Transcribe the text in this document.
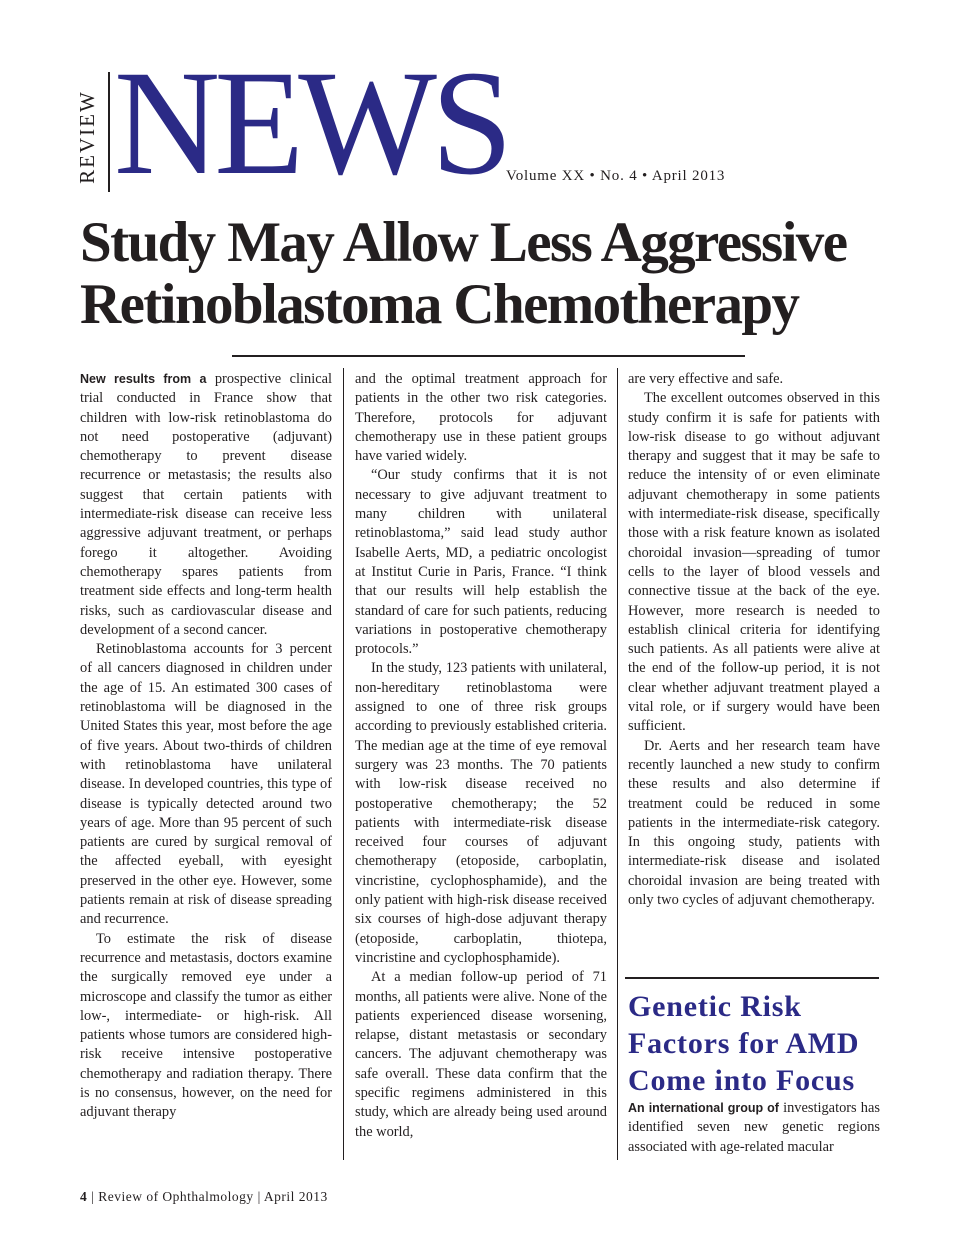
REVIEW NEWS Volume XX • No. 4 • April 2013
Study May Allow Less Aggressive
Retinoblastoma Chemotherapy

New results from a prospective clinical trial conducted in France show that children with low-risk retinoblastoma do not need postoperative (adjuvant) chemotherapy to prevent disease recurrence or metastasis; the results also suggest that certain patients with intermediate-risk disease can receive less aggressive adjuvant treatment, or perhaps forego it altogether. Avoiding chemotherapy spares patients from treatment side effects and long-term health risks, such as cardiovascular disease and development of a second cancer.

Retinoblastoma accounts for 3 percent of all cancers diagnosed in children under the age of 15. An estimated 300 cases of retinoblastoma will be diagnosed in the United States this year, most before the age of five years. About two-thirds of children with retinoblastoma have unilateral disease. In developed countries, this type of disease is typically detected around two years of age. More than 95 percent of such patients are cured by surgical removal of the affected eyeball, with eyesight preserved in the other eye. However, some patients remain at risk of disease spreading and recurrence.

To estimate the risk of disease recurrence and metastasis, doctors examine the surgically removed eye under a microscope and classify the tumor as either low-, intermediate- or high-risk. All patients whose tumors are considered high-risk receive intensive postoperative chemotherapy and radiation therapy. There is no consensus, however, on the need for adjuvant therapy

and the optimal treatment approach for patients in the other two risk categories. Therefore, protocols for adjuvant chemotherapy use in these patient groups have varied widely.

“Our study confirms that it is not necessary to give adjuvant treatment to many children with unilateral retinoblastoma,” said lead study author Isabelle Aerts, MD, a pediatric oncologist at Institut Curie in Paris, France. “I think that our results will help establish the standard of care for such patients, reducing variations in postoperative chemotherapy protocols.”

In the study, 123 patients with unilateral, non-hereditary retinoblastoma were assigned to one of three risk groups according to previously established criteria. The median age at the time of eye removal surgery was 23 months. The 70 patients with low-risk disease received no postoperative chemotherapy; the 52 patients with intermediate-risk disease received four courses of adjuvant chemotherapy (etoposide, carboplatin, vincristine, cyclophosphamide), and the only patient with high-risk disease received six courses of high-dose adjuvant therapy (etoposide, carboplatin, thiotepa, vincristine and cyclophosphamide).

At a median follow-up period of 71 months, all patients were alive. None of the patients experienced disease worsening, relapse, distant metastasis or secondary cancers. The adjuvant chemotherapy was safe overall. These data confirm that the specific regimens administered in this study, which are already being used around the world,

are very effective and safe.

The excellent outcomes observed in this study confirm it is safe for patients with low-risk disease to go without adjuvant therapy and suggest that it may be safe to reduce the intensity of or even eliminate adjuvant chemotherapy in some patients with intermediate-risk disease, specifically those with a risk feature known as isolated choroidal invasion—spreading of tumor cells to the layer of blood vessels and connective tissue at the back of the eye. However, more research is needed to establish clinical criteria for identifying such patients. As all patients were alive at the end of the follow-up period, it is not clear whether adjuvant treatment played a vital role, or if surgery would have been sufficient.

Dr. Aerts and her research team have recently launched a new study to confirm these results and also determine if treatment could be reduced in some patients in the intermediate-risk category. In this ongoing study, patients with intermediate-risk disease and isolated choroidal invasion are being treated with only two cycles of adjuvant chemotherapy.

Genetic Risk
Factors for AMD
Come into Focus

An international group of investigators has identified seven new genetic regions associated with age-related macular

4 | Review of Ophthalmology | April 2013
